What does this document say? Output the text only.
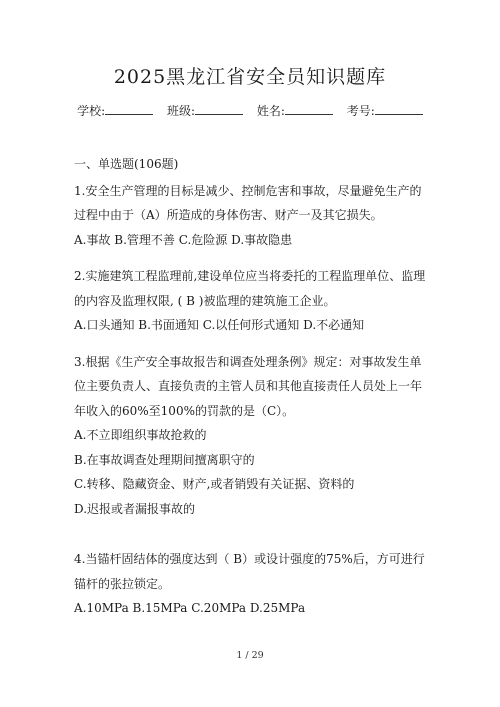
2025黑龙江省安全员知识题库
学校:	班级:	姓名:	考号:

一、单选题(106题)

1.安全生产管理的目标是减少、控制危害和事故，尽量避免生产的过程中由于（A）所造成的身体伤害、财产一及其它损失。

A.事故 B.管理不善 C.危险源 D.事故隐患

2.实施建筑工程监理前,建设单位应当将委托的工程监理单位、监理的内容及监理权限, ( B )被监理的建筑施工企业。

A.口头通知 B.书面通知 C.以任何形式通知 D.不必通知

3.根据《生产安全事故报告和调查处理条例》规定：对事故发生单位主要负责人、直接负责的主管人员和其他直接责任人员处上一年年收入的60%至100%的罚款的是（C）。

A.不立即组织事故抢救的

B.在事故调查处理期间擅离职守的

C.转移、隐藏资金、财产,或者销毁有关证据、资料的

D.迟报或者漏报事故的

4.当锚杆固结体的强度达到（ B）或设计强度的75%后，方可进行锚杆的张拉锁定。

A.10MPa B.15MPa C.20MPa D.25MPa

1 / 29
